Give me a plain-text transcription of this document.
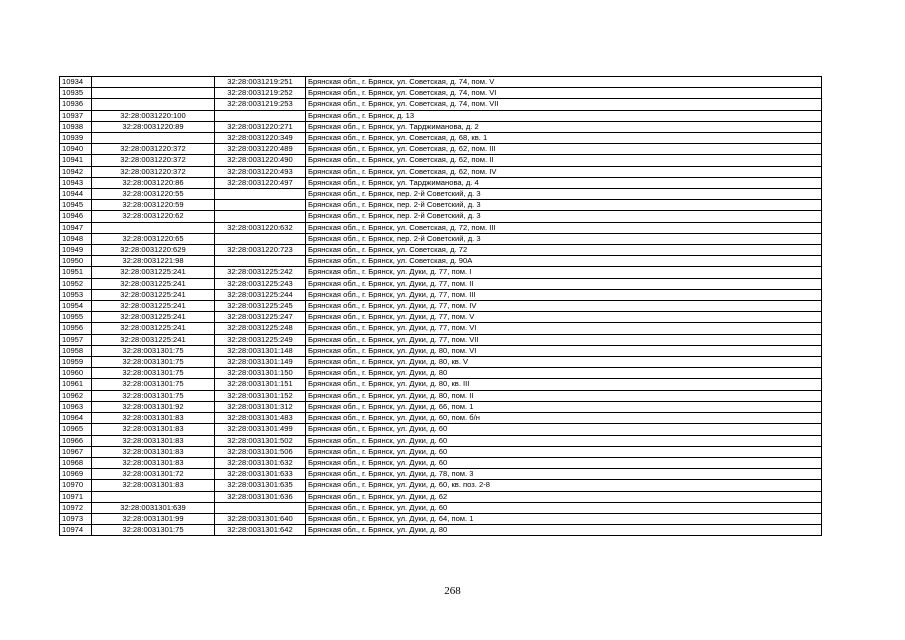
10934		32:28:0031219:251	Брянская обл., г. Брянск, ул. Советская, д. 74, пом. V
10935		32:28:0031219:252	Брянская обл., г. Брянск, ул. Советская, д. 74, пом. VI
10936		32:28:0031219:253	Брянская обл., г. Брянск, ул. Советская, д. 74, пом. VII
10937	32:28:0031220:100		Брянская обл., г. Брянск, д. 13
10938	32:28:0031220:89	32:28:0031220:271	Брянская обл., г. Брянск, ул. Тарджиманова, д. 2
10939		32:28:0031220:349	Брянская обл., г. Брянск, ул. Советская, д. 68, кв. 1
10940	32:28:0031220:372	32:28:0031220:489	Брянская обл., г. Брянск, ул. Советская, д. 62, пом. III
10941	32:28:0031220:372	32:28:0031220:490	Брянская обл., г. Брянск, ул. Советская, д. 62, пом. II
10942	32:28:0031220:372	32:28:0031220:493	Брянская обл., г. Брянск, ул. Советская, д. 62, пом. IV
10943	32:28:0031220:86	32:28:0031220:497	Брянская обл., г. Брянск, ул. Тарджиманова, д. 4
10944	32:28:0031220:55		Брянская обл., г. Брянск, пер. 2-й Советский, д. 3
10945	32:28:0031220:59		Брянская обл., г. Брянск, пер. 2-й Советский, д. 3
10946	32:28:0031220:62		Брянская обл., г. Брянск, пер. 2-й Советский, д. 3
10947		32:28:0031220:632	Брянская обл., г. Брянск, ул. Советская, д. 72, пом. III
10948	32:28:0031220:65		Брянская обл., г. Брянск, пер. 2-й Советский, д. 3
10949	32:28:0031220:629	32:28:0031220:723	Брянская обл., г. Брянск, ул. Советская, д. 72
10950	32:28:0031221:98		Брянская обл., г. Брянск, ул. Советская, д. 90А
10951	32:28:0031225:241	32:28:0031225:242	Брянская обл., г. Брянск, ул. Дуки, д. 77, пом. I
10952	32:28:0031225:241	32:28:0031225:243	Брянская обл., г. Брянск, ул. Дуки, д. 77, пом. II
10953	32:28:0031225:241	32:28:0031225:244	Брянская обл., г. Брянск, ул. Дуки, д. 77, пом. III
10954	32:28:0031225:241	32:28:0031225:245	Брянская обл., г. Брянск, ул. Дуки, д. 77, пом. IV
10955	32:28:0031225:241	32:28:0031225:247	Брянская обл., г. Брянск, ул. Дуки, д. 77, пом. V
10956	32:28:0031225:241	32:28:0031225:248	Брянская обл., г. Брянск, ул. Дуки, д. 77, пом. VI
10957	32:28:0031225:241	32:28:0031225:249	Брянская обл., г. Брянск, ул. Дуки, д. 77, пом. VII
10958	32:28:0031301:75	32:28:0031301:148	Брянская обл., г. Брянск, ул. Дуки, д. 80, пом. VI
10959	32:28:0031301:75	32:28:0031301:149	Брянская обл., г. Брянск, ул. Дуки, д. 80, кв. V
10960	32:28:0031301:75	32:28:0031301:150	Брянская обл., г. Брянск, ул. Дуки, д. 80
10961	32:28:0031301:75	32:28:0031301:151	Брянская обл., г. Брянск, ул. Дуки, д. 80, кв. III
10962	32:28:0031301:75	32:28:0031301:152	Брянская обл., г. Брянск, ул. Дуки, д. 80, пом. II
10963	32:28:0031301:92	32:28:0031301:312	Брянская обл., г. Брянск, ул. Дуки, д. 66, пом. 1
10964	32:28:0031301:83	32:28:0031301:483	Брянская обл., г. Брянск, ул. Дуки, д. 60, пом. б/н
10965	32:28:0031301:83	32:28:0031301:499	Брянская обл., г. Брянск, ул. Дуки, д. 60
10966	32:28:0031301:83	32:28:0031301:502	Брянская обл., г. Брянск, ул. Дуки, д. 60
10967	32:28:0031301:83	32:28:0031301:506	Брянская обл., г. Брянск, ул. Дуки, д. 60
10968	32:28:0031301:83	32:28:0031301:632	Брянская обл., г. Брянск, ул. Дуки, д. 60
10969	32:28:0031301:72	32:28:0031301:633	Брянская обл., г. Брянск, ул. Дуки, д. 78, пом. 3
10970	32:28:0031301:83	32:28:0031301:635	Брянская обл., г. Брянск, ул. Дуки, д. 60, кв. поз. 2-8
10971		32:28:0031301:636	Брянская обл., г. Брянск, ул. Дуки, д. 62
10972	32:28:0031301:639		Брянская обл., г. Брянск, ул. Дуки, д. 60
10973	32:28:0031301:99	32:28:0031301:640	Брянская обл., г. Брянск, ул. Дуки, д. 64, пом. 1
10974	32:28:0031301:75	32:28:0031301:642	Брянская обл., г. Брянск, ул. Дуки, д. 80
268
